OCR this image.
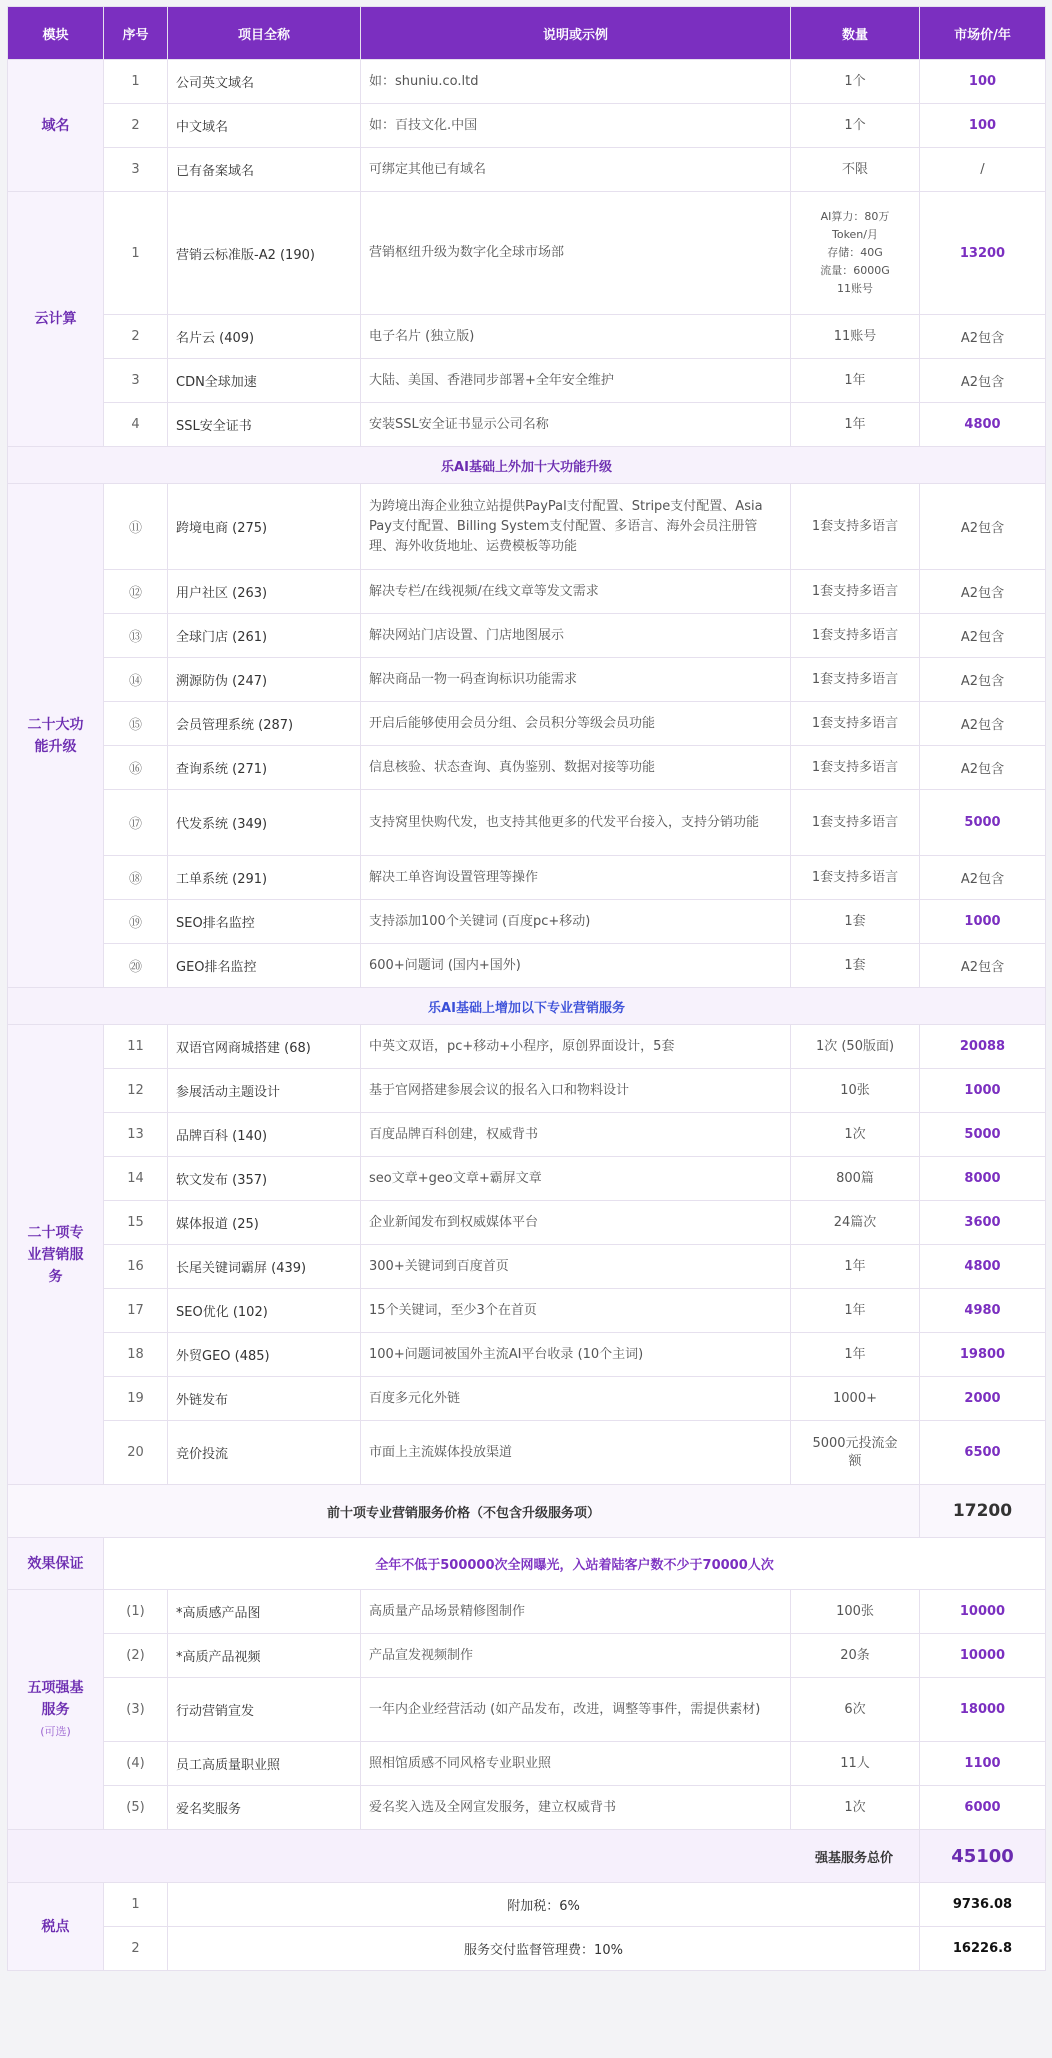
模块	序号	项目全称	说明或示例	数量	市场价/年
域名	1	公司英文域名	如：shuniu.co.ltd	1个	100
	2	中文域名	如：百技文化.中国	1个	100
	3	已有备案域名	可绑定其他已有域名	不限	/
云计算	1	营销云标准版-A2 (190)	营销枢纽升级为数字化全球市场部	AI算力：80万
Token/月
存储：40G
流量：6000G
11账号	13200
	2	名片云 (409)	电子名片 (独立版)	11账号	A2包含
	3	CDN全球加速	大陆、美国、香港同步部署+全年安全维护	1年	A2包含
	4	SSL安全证书	安装SSL安全证书显示公司名称	1年	4800
乐AI基础上外加十大功能升级					
二十大功能升级	⑪	跨境电商 (275)	为跨境出海企业独立站提供PayPal支付配置、Stripe支付配置、Asia Pay支付配置、Billing System支付配置、多语言、海外会员注册管理、海外收货地址、运费模板等功能	1套支持多语言	A2包含
	⑫	用户社区 (263)	解决专栏/在线视频/在线文章等发文需求	1套支持多语言	A2包含
	⑬	全球门店 (261)	解决网站门店设置、门店地图展示	1套支持多语言	A2包含
	⑭	溯源防伪 (247)	解决商品一物一码查询标识功能需求	1套支持多语言	A2包含
	⑮	会员管理系统 (287)	开启后能够使用会员分组、会员积分等级会员功能	1套支持多语言	A2包含
	⑯	查询系统 (271)	信息核验、状态查询、真伪鉴别、数据对接等功能	1套支持多语言	A2包含
	⑰	代发系统 (349)	支持窝里快购代发，也支持其他更多的代发平台接入，支持分销功能	1套支持多语言	5000
	⑱	工单系统 (291)	解决工单咨询设置管理等操作	1套支持多语言	A2包含
	⑲	SEO排名监控	支持添加100个关键词 (百度pc+移动)	1套	1000
	⑳	GEO排名监控	600+问题词 (国内+国外)	1套	A2包含
乐AI基础上增加以下专业营销服务					
二十项专业营销服务	11	双语官网商城搭建 (68)	中英文双语，pc+移动+小程序，原创界面设计，5套	1次 (50版面)	20088
	12	参展活动主题设计	基于官网搭建参展会议的报名入口和物料设计	10张	1000
	13	品牌百科 (140)	百度品牌百科创建，权威背书	1次	5000
	14	软文发布 (357)	seo文章+geo文章+霸屏文章	800篇	8000
	15	媒体报道 (25)	企业新闻发布到权威媒体平台	24篇次	3600
	16	长尾关键词霸屏 (439)	300+关键词到百度首页	1年	4800
	17	SEO优化 (102)	15个关键词，至少3个在首页	1年	4980
	18	外贸GEO (485)	100+问题词被国外主流AI平台收录 (10个主词)	1年	19800
	19	外链发布	百度多元化外链	1000+	2000
	20	竞价投流	市面上主流媒体投放渠道	5000元投流金额	6500
前十项专业营销服务价格（不包含升级服务项）					17200
效果保证	全年不低于500000次全网曝光，入站着陆客户数不少于70000人次				
五项强基服务
(可选)	(1)	*高质感产品图	高质量产品场景精修图制作	100张	10000
	(2)	*高质产品视频	产品宣发视频制作	20条	10000
	(3)	行动营销宣发	一年内企业经营活动 (如产品发布，改进，调整等事件，需提供素材)	6次	18000
	(4)	员工高质量职业照	照相馆质感不同风格专业职业照	11人	1100
	(5)	爱名奖服务	爱名奖入选及全网宣发服务，建立权威背书	1次	6000
强基服务总价					45100
税点	1	附加税：6%			9736.08
	2	服务交付监督管理费：10%			16226.8
